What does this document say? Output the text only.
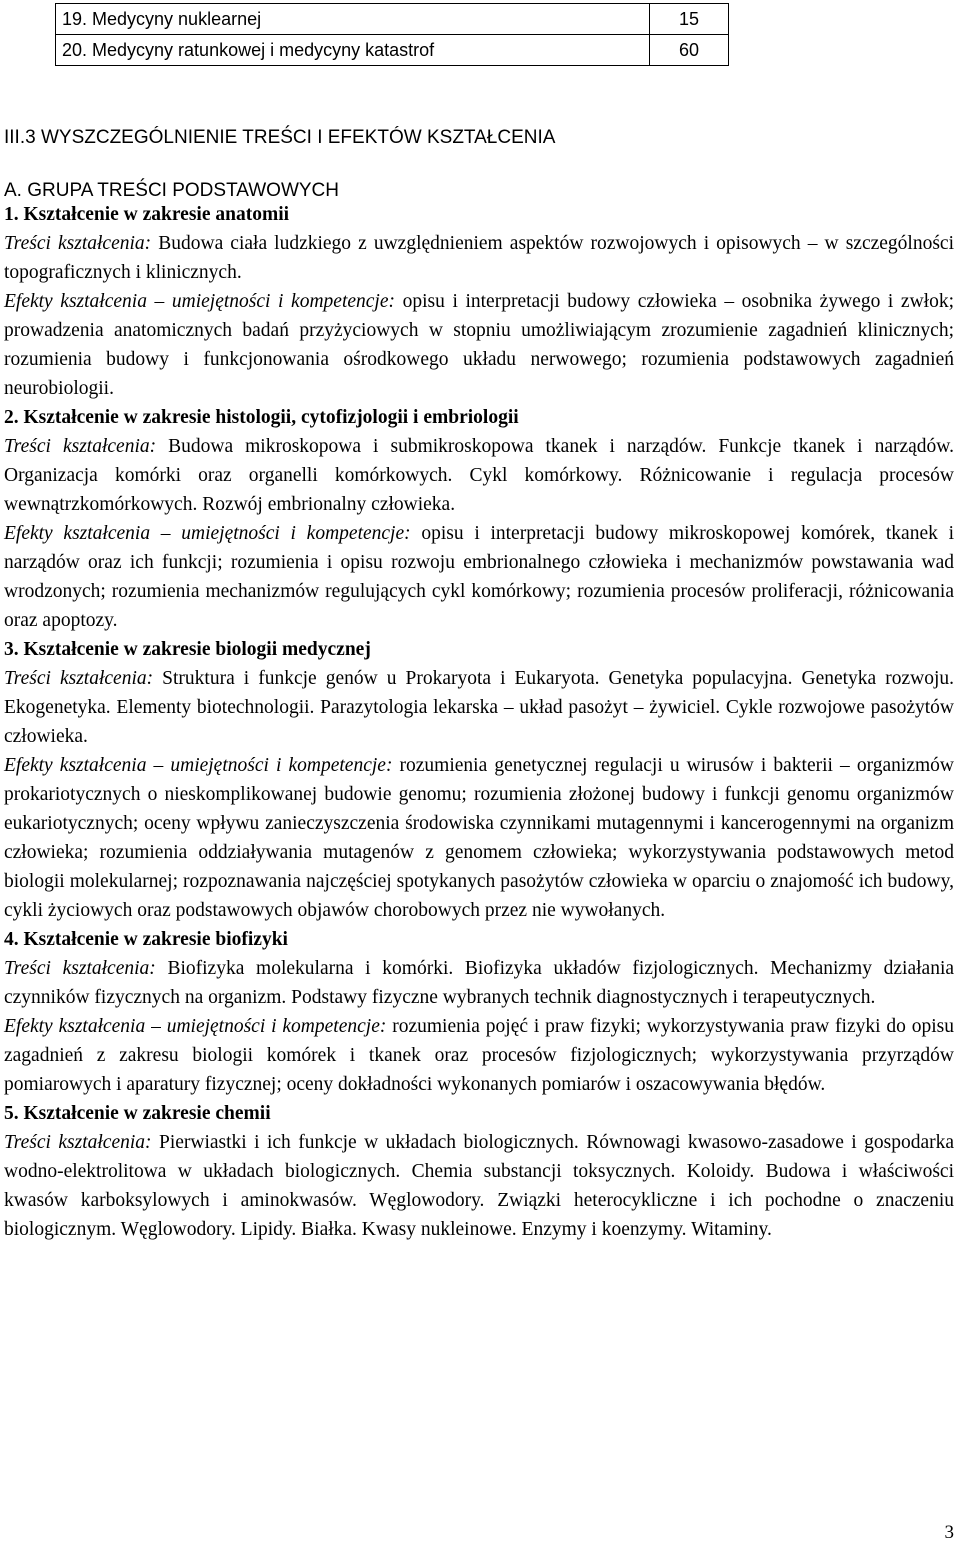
19. Medycyny nuklearnej	15
20. Medycyny ratunkowej i medycyny katastrof	60
III.3 WYSZCZEGÓLNIENIE TREŚCI I EFEKTÓW KSZTAŁCENIA
A. GRUPA TREŚCI PODSTAWOWYCH

1. Kształcenie w zakresie anatomii

Treści kształcenia: Budowa ciała ludzkiego z uwzględnieniem aspektów rozwojowych i opisowych – w szczególności topograficznych i klinicznych.

Efekty kształcenia – umiejętności i kompetencje: opisu i interpretacji budowy człowieka – osobnika żywego i zwłok; prowadzenia anatomicznych badań przyżyciowych w stopniu umożliwiającym zrozumienie zagadnień klinicznych; rozumienia budowy i funkcjonowania ośrodkowego układu nerwowego; rozumienia podstawowych zagadnień neurobiologii.

2. Kształcenie w zakresie histologii, cytofizjologii i embriologii

Treści kształcenia: Budowa mikroskopowa i submikroskopowa tkanek i narządów. Funkcje tkanek i narządów. Organizacja komórki oraz organelli komórkowych. Cykl komórkowy. Różnicowanie i regulacja procesów wewnątrzkomórkowych. Rozwój embrionalny człowieka.

Efekty kształcenia – umiejętności i kompetencje: opisu i interpretacji budowy mikroskopowej komórek, tkanek i narządów oraz ich funkcji; rozumienia i opisu rozwoju embrionalnego człowieka i mechanizmów powstawania wad wrodzonych; rozumienia mechanizmów regulujących cykl komórkowy; rozumienia procesów proliferacji, różnicowania oraz apoptozy.

3. Kształcenie w zakresie biologii medycznej

Treści kształcenia: Struktura i funkcje genów u Prokaryota i Eukaryota. Genetyka populacyjna. Genetyka rozwoju. Ekogenetyka. Elementy biotechnologii. Parazytologia lekarska – układ pasożyt – żywiciel. Cykle rozwojowe pasożytów człowieka.

Efekty kształcenia – umiejętności i kompetencje: rozumienia genetycznej regulacji u wirusów i bakterii – organizmów prokariotycznych o nieskomplikowanej budowie genomu; rozumienia złożonej budowy i funkcji genomu organizmów eukariotycznych; oceny wpływu zanieczyszczenia środowiska czynnikami mutagennymi i kancerogennymi na organizm człowieka; rozumienia oddziaływania mutagenów z genomem człowieka; wykorzystywania podstawowych metod biologii molekularnej; rozpoznawania najczęściej spotykanych pasożytów człowieka w oparciu o znajomość ich budowy, cykli życiowych oraz podstawowych objawów chorobowych przez nie wywołanych.

4. Kształcenie w zakresie biofizyki

Treści kształcenia: Biofizyka molekularna i komórki. Biofizyka układów fizjologicznych. Mechanizmy działania czynników fizycznych na organizm. Podstawy fizyczne wybranych technik diagnostycznych i terapeutycznych.

Efekty kształcenia – umiejętności i kompetencje: rozumienia pojęć i praw fizyki; wykorzystywania praw fizyki do opisu zagadnień z zakresu biologii komórek i tkanek oraz procesów fizjologicznych; wykorzystywania przyrządów pomiarowych i aparatury fizycznej; oceny dokładności wykonanych pomiarów i oszacowywania błędów.

5. Kształcenie w zakresie chemii

Treści kształcenia: Pierwiastki i ich funkcje w układach biologicznych. Równowagi kwasowo-zasadowe i gospodarka wodno-elektrolitowa w układach biologicznych. Chemia substancji toksycznych. Koloidy. Budowa i właściwości kwasów karboksylowych i aminokwasów. Węglowodory. Związki heterocykliczne i ich pochodne o znaczeniu biologicznym. Węglowodory. Lipidy. Białka. Kwasy nukleinowe. Enzymy i koenzymy. Witaminy.

3
